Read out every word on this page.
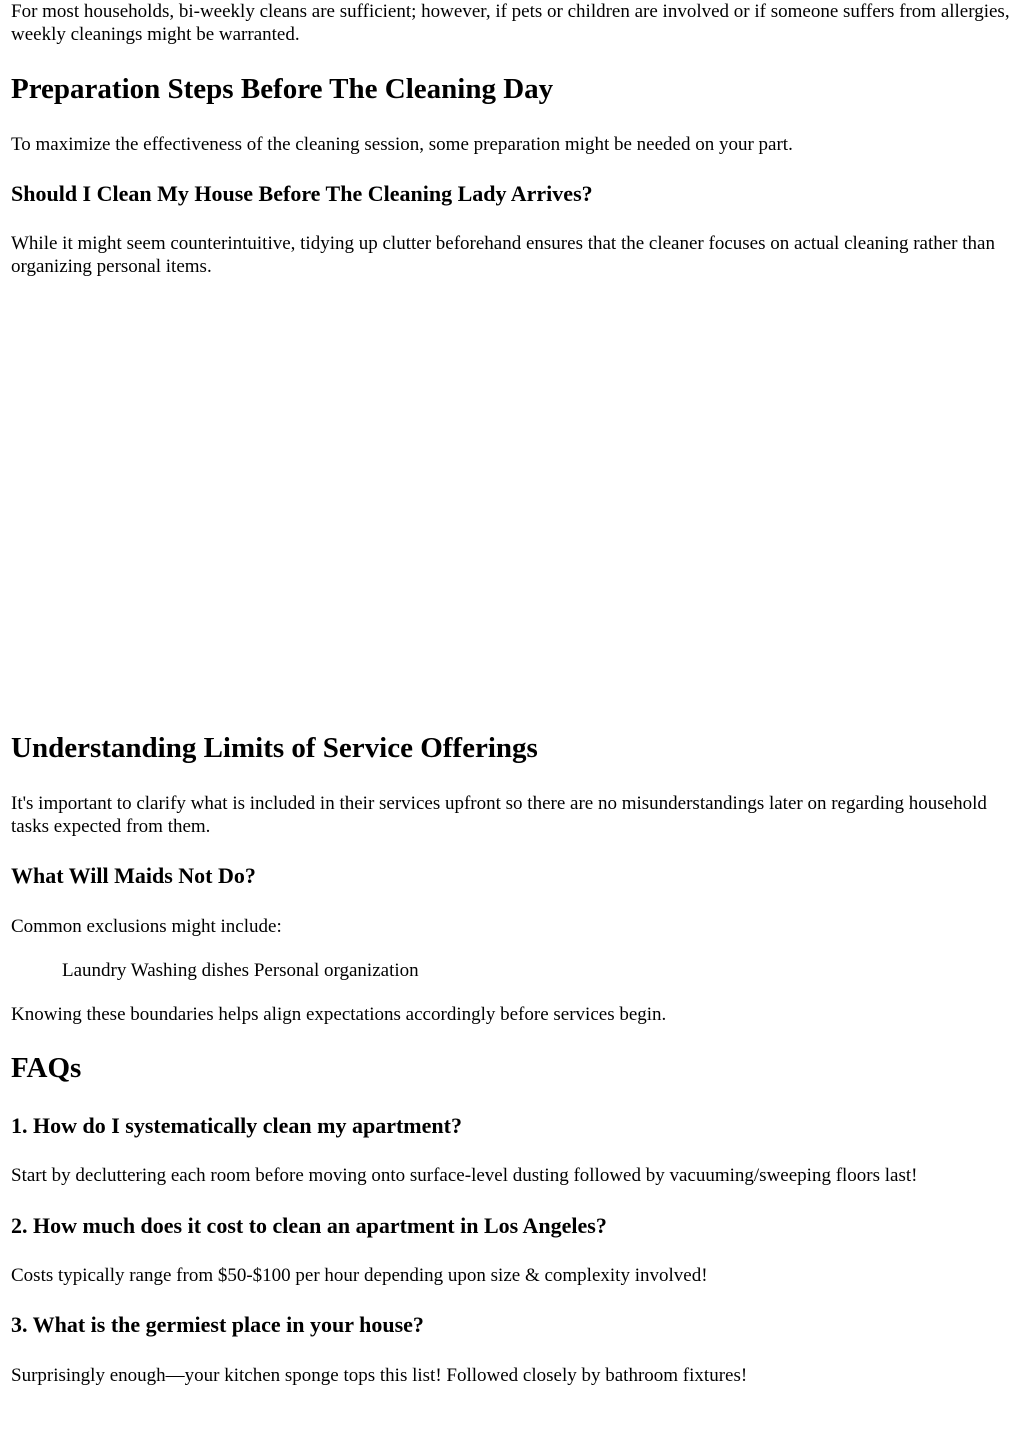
For most households, bi-weekly cleans are sufficient; however, if pets or children are involved or if someone suffers from allergies, weekly cleanings might be warranted.

Preparation Steps Before The Cleaning Day

To maximize the effectiveness of the cleaning session, some preparation might be needed on your part.

Should I Clean My House Before The Cleaning Lady Arrives?

While it might seem counterintuitive, tidying up clutter beforehand ensures that the cleaner focuses on actual cleaning rather than organizing personal items.

Understanding Limits of Service Offerings

It's important to clarify what is included in their services upfront so there are no misunderstandings later on regarding household tasks expected from them.

What Will Maids Not Do?

Common exclusions might include:

Laundry Washing dishes Personal organization

Knowing these boundaries helps align expectations accordingly before services begin.

FAQs
1. How do I systematically clean my apartment?

Start by decluttering each room before moving onto surface-level dusting followed by vacuuming/sweeping floors last!

2. How much does it cost to clean an apartment in Los Angeles?

Costs typically range from $50-$100 per hour depending upon size & complexity involved!

3. What is the germiest place in your house?

Surprisingly enough—your kitchen sponge tops this list! Followed closely by bathroom fixtures!
